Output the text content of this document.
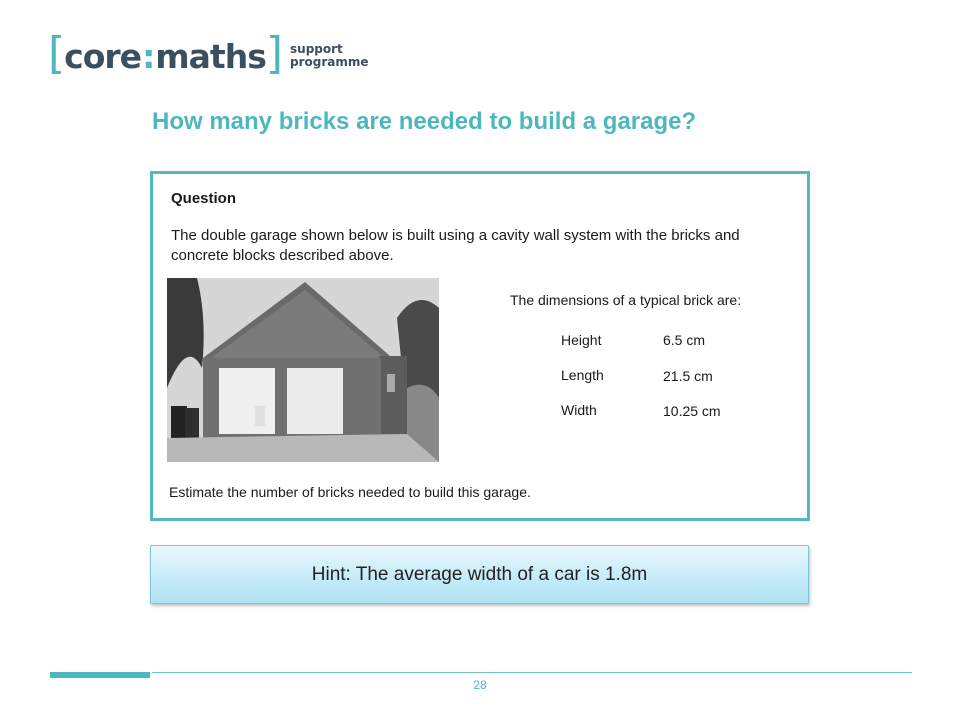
[ core : maths ] support
programme
How many bricks are needed to build a garage?
Question
The double garage shown below is built using a cavity wall system with the bricks and concrete blocks described above.
The dimensions of a typical brick are:
Height	6.5 cm
Length	21.5 cm
Width	10.25 cm
Estimate the number of bricks needed to build this garage.
Hint: The average width of a car is 1.8m
28
